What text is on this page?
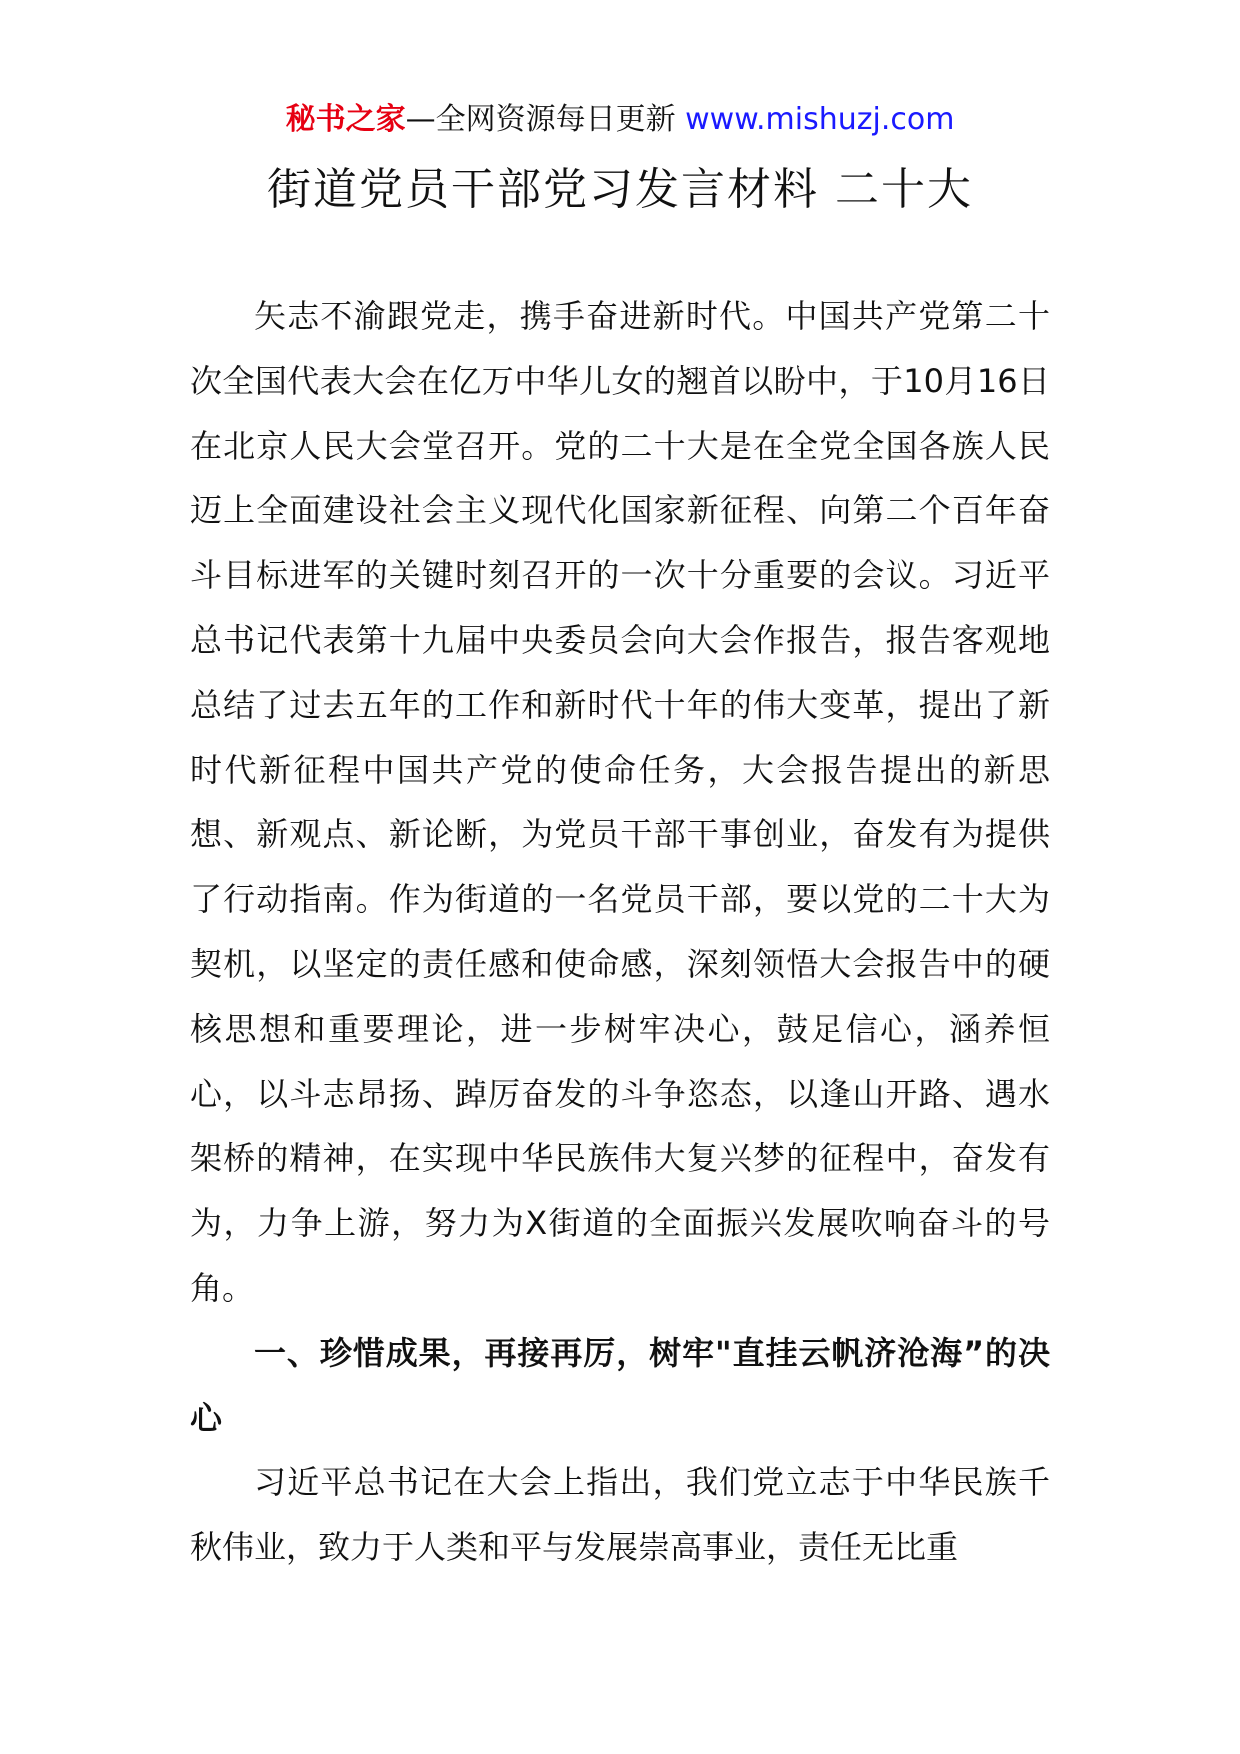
秘书之家—全网资源每日更新 www.mishuzj.com
街道党员干部党习发言材料 二十大

矢志不渝跟党走，携手奋进新时代。中国共产党第二十次全国代表大会在亿万中华儿女的翘首以盼中，于10月16日在北京人民大会堂召开。党的二十大是在全党全国各族人民迈上全面建设社会主义现代化国家新征程、向第二个百年奋斗目标进军的关键时刻召开的一次十分重要的会议。习近平总书记代表第十九届中央委员会向大会作报告，报告客观地总结了过去五年的工作和新时代十年的伟大变革，提出了新时代新征程中国共产党的使命任务，大会报告提出的新思想、新观点、新论断，为党员干部干事创业，奋发有为提供了行动指南。作为街道的一名党员干部，要以党的二十大为契机，以坚定的责任感和使命感，深刻领悟大会报告中的硬核思想和重要理论，进一步树牢决心，鼓足信心，涵养恒心，以斗志昂扬、踔厉奋发的斗争恣态，以逢山开路、遇水架桥的精神，在实现中华民族伟大复兴梦的征程中，奋发有为，力争上游，努力为X街道的全面振兴发展吹响奋斗的号角。

一、珍惜成果，再接再厉，树牢"直挂云帆济沧海”的决心

习近平总书记在大会上指出，我们党立志于中华民族千秋伟业，致力于人类和平与发展崇高事业，责任无比重
